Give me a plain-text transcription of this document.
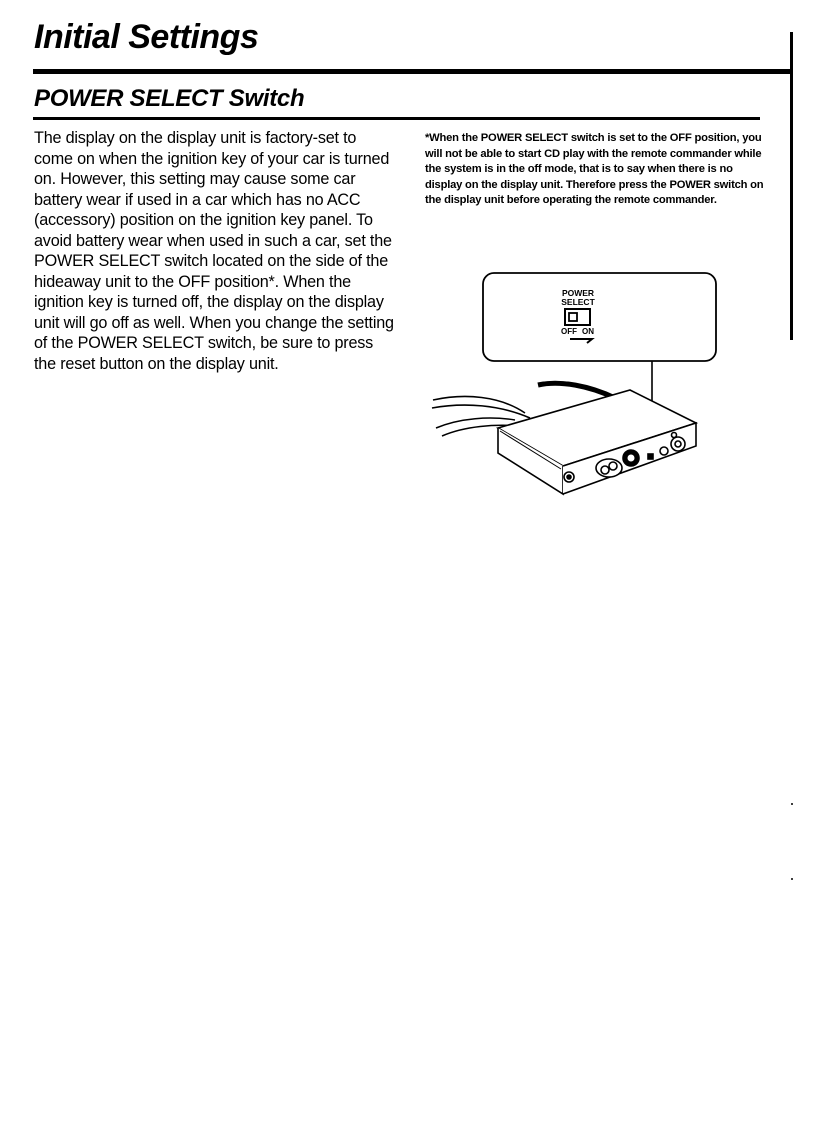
Initial Settings
POWER SELECT Switch

The display on the display unit is factory-set to come on when the ignition key of your car is turned on. However, this setting may cause some car battery wear if used in a car which has no ACC (accessory) position on the ignition key panel. To avoid battery wear when used in such a car, set the POWER SELECT switch located on the side of the hideaway unit to the OFF position*. When the ignition key is turned off, the display on the display unit will go off as well. When you change the setting of the POWER SELECT switch, be sure to press the reset button on the display unit.

*When the POWER SELECT switch is set to the OFF position, you will not be able to start CD play with the remote commander while the system is in the off mode, that is to say when there is no display on the display unit. Therefore press the POWER switch on the display unit before operating the remote commander.

POWER
SELECT
OFF ON
